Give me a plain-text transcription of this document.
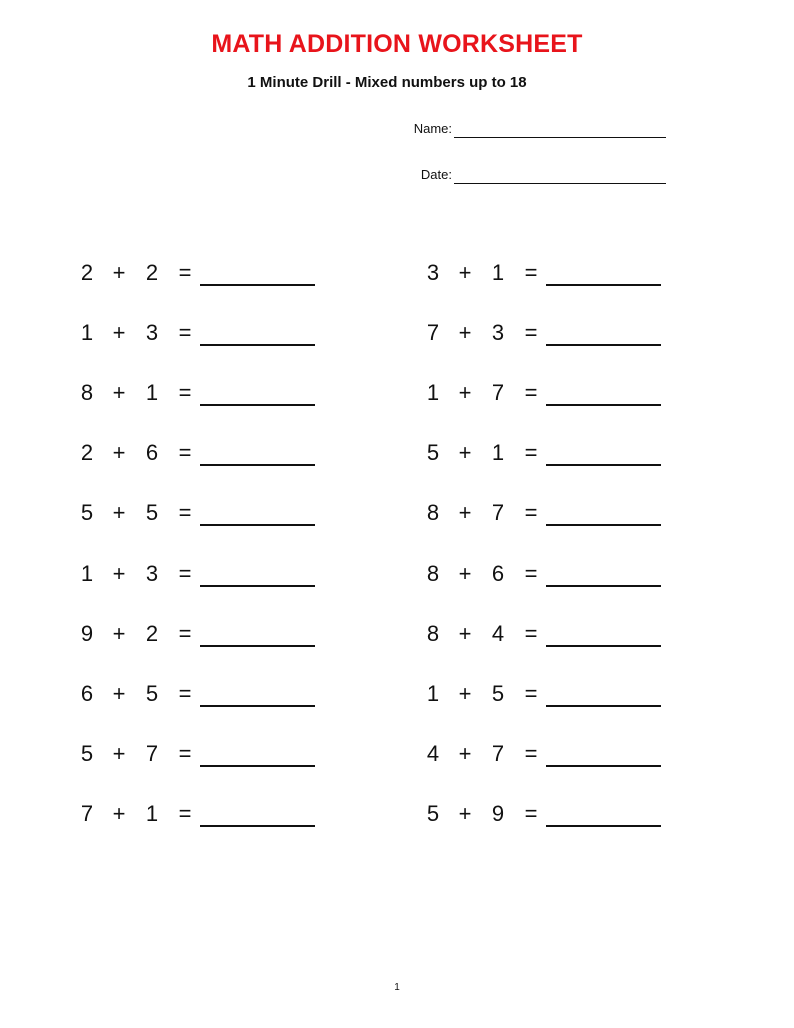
MATH ADDITION WORKSHEET
1 Minute Drill - Mixed numbers up to 18
Name:
Date:
2 + 2 =
1 + 3 =
8 + 1 =
2 + 6 =
5 + 5 =
1 + 3 =
9 + 2 =
6 + 5 =
5 + 7 =
7 + 1 =
3 + 1 =
7 + 3 =
1 + 7 =
5 + 1 =
8 + 7 =
8 + 6 =
8 + 4 =
1 + 5 =
4 + 7 =
5 + 9 =
1
